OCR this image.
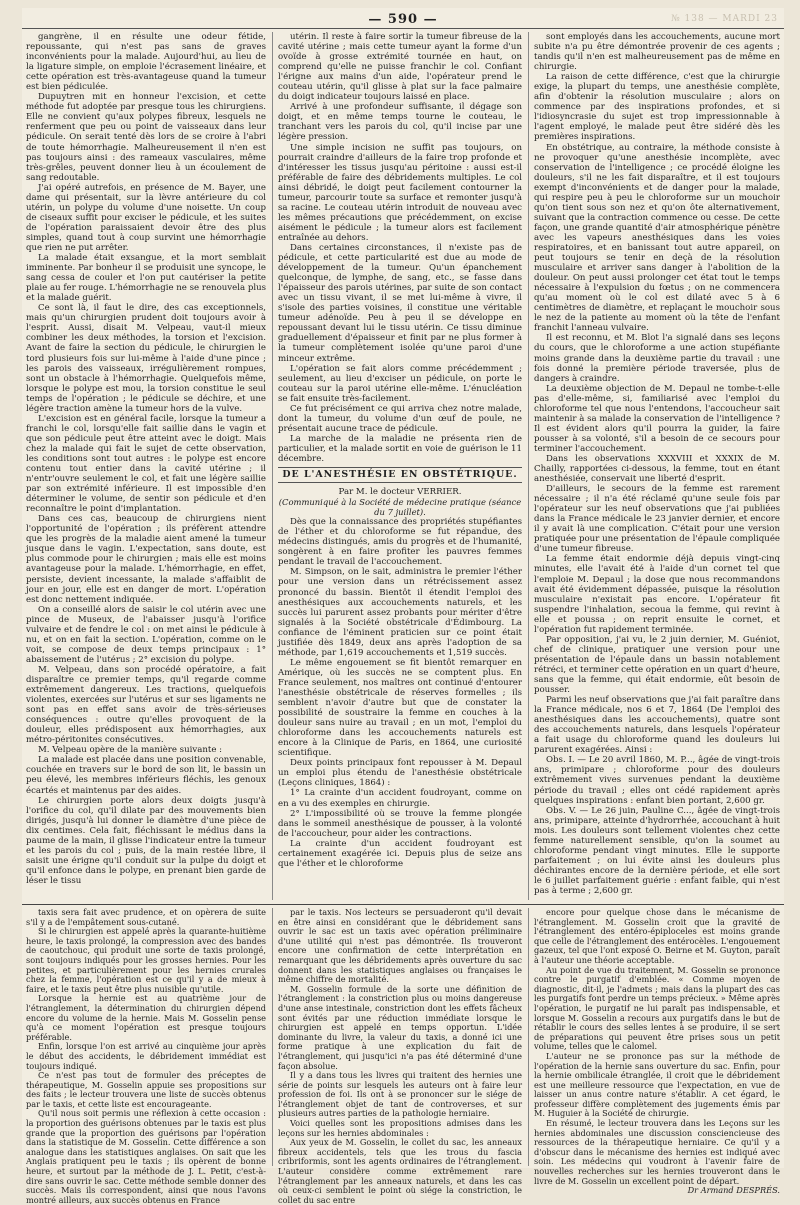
— 590 —	№ 138 — MARDI 23

gangrène, il en résulte une odeur fétide, repoussante, qui n'est pas sans de graves inconvénients pour la malade. Aujourd'hui, au lieu de la ligature simple, on emploie l'écrasement linéaire, et cette opération est très-avantageuse quand la tumeur est bien pédiculée.

Dupuytren mit en honneur l'excision, et cette méthode fut adoptée par presque tous les chirurgiens. Elle ne convient qu'aux polypes fibreux, lesquels ne renferment que peu ou point de vaisseaux dans leur pédicule. On serait tenté dès lors de se croire à l'abri de toute hémorrhagie. Malheureusement il n'en est pas toujours ainsi : des rameaux vasculaires, même très-grêles, peuvent donner lieu à un écoulement de sang redoutable.

J'ai opéré autrefois, en présence de M. Bayer, une dame qui présentait, sur la lèvre antérieure du col utérin, un polype du volume d'une noisette. Un coup de ciseaux suffit pour exciser le pédicule, et les suites de l'opération paraissaient devoir être des plus simples, quand tout à coup survint une hémorrhagie que rien ne put arrêter.

La malade était exsangue, et la mort semblait imminente. Par bonheur il se produisit une syncope, le sang cessa de couler et l'on put cautériser la petite plaie au fer rouge. L'hémorrhagie ne se renouvela plus et la malade guérit.

Ce sont là, il faut le dire, des cas exceptionnels, mais qu'un chirurgien prudent doit toujours avoir à l'esprit. Aussi, disait M. Velpeau, vaut-il mieux combiner les deux méthodes, la torsion et l'excision. Avant de faire la section du pédicule, le chirurgien le tord plusieurs fois sur lui-même à l'aide d'une pince ; les parois des vaisseaux, irrégulièrement rompues, sont un obstacle à l'hémorrhagie. Quelquefois même, lorsque le polype est mou, la torsion constitue le seul temps de l'opération ; le pédicule se déchire, et une légère traction amène la tumeur hors de la vulve.

L'excision est en général facile, lorsque la tumeur a franchi le col, lorsqu'elle fait saillie dans le vagin et que son pédicule peut être atteint avec le doigt. Mais chez la malade qui fait le sujet de cette observation, les conditions sont tout autres : le polype est encore contenu tout entier dans la cavité utérine ; il n'entr'ouvre seulement le col, et fait une légère saillie par son extrémité inférieure. Il est impossible d'en déterminer le volume, de sentir son pédicule et d'en reconnaître le point d'implantation.

Dans ces cas, beaucoup de chirurgiens nient l'opportunité de l'opération ; ils préfèrent attendre que les progrès de la maladie aient amené la tumeur jusque dans le vagin. L'expectation, sans doute, est plus commode pour le chirurgien ; mais elle est moins avantageuse pour la malade. L'hémorrhagie, en effet, persiste, devient incessante, la malade s'affaiblit de jour en jour, elle est en danger de mort. L'opération est donc nettement indiquée.

On a conseillé alors de saisir le col utérin avec une pince de Museux, de l'abaisser jusqu'à l'orifice vulvaire et de fendre le col : on met ainsi le pédicule à nu, et on en fait la section. L'opération, comme on le voit, se compose de deux temps principaux : 1° abaissement de l'utérus ; 2° excision du polype.

M. Velpeau, dans son procédé opératoire, a fait disparaître ce premier temps, qu'il regarde comme extrêmement dangereux. Les tractions, quelquefois violentes, exercées sur l'utérus et sur ses ligaments ne sont pas en effet sans avoir de très-sérieuses conséquences : outre qu'elles provoquent de la douleur, elles prédisposent aux hémorrhagies, aux métro-péritonites consécutives.

M. Velpeau opère de la manière suivante :

La malade est placée dans une position convenable, couchée en travers sur le bord de son lit, le bassin un peu élevé, les membres inférieurs fléchis, les genoux écartés et maintenus par des aides.

Le chirurgien porte alors deux doigts jusqu'à l'orifice du col, qu'il dilate par des mouvements bien dirigés, jusqu'à lui donner le diamètre d'une pièce de dix centimes. Cela fait, fléchissant le médius dans la paume de la main, il glisse l'indicateur entre la tumeur et les parois du col ; puis, de la main restée libre, il saisit une érigne qu'il conduit sur la pulpe du doigt et qu'il enfonce dans le polype, en prenant bien garde de léser le tissu

utérin. Il reste à faire sortir la tumeur fibreuse de la cavité utérine ; mais cette tumeur ayant la forme d'un ovoïde à grosse extrémité tournée en haut, on comprend qu'elle ne puisse franchir le col. Confiant l'érigne aux mains d'un aide, l'opérateur prend le couteau utérin, qu'il glisse à plat sur la face palmaire du doigt indicateur toujours laissé en place.

Arrivé à une profondeur suffisante, il dégage son doigt, et en même temps tourne le couteau, le tranchant vers les parois du col, qu'il incise par une légère pression.

Une simple incision ne suffit pas toujours, on pourrait craindre d'ailleurs de la faire trop profonde et d'intéresser les tissus jusqu'au péritoine : aussi est-il préférable de faire des débridements multiples. Le col ainsi débridé, le doigt peut facilement contourner la tumeur, parcourir toute sa surface et remonter jusqu'à sa racine. Le couteau utérin introduit de nouveau avec les mêmes précautions que précédemment, on excise aisément le pédicule ; la tumeur alors est facilement entraînée au dehors.

Dans certaines circonstances, il n'existe pas de pédicule, et cette particularité est due au mode de développement de la tumeur. Qu'un épanchement quelconque, de lymphe, de sang, etc., se fasse dans l'épaisseur des parois utérines, par suite de son contact avec un tissu vivant, il se met lui-même à vivre, il s'isole des parties voisines, il constitue une véritable tumeur adénoïde. Peu à peu il se développe en repoussant devant lui le tissu utérin. Ce tissu diminue graduellement d'épaisseur et finit par ne plus former à la tumeur complètement isolée qu'une paroi d'une minceur extrême.

L'opération se fait alors comme précédemment ; seulement, au lieu d'exciser un pédicule, on porte le couteau sur la paroi utérine elle-même. L'énucléation se fait ensuite très-facilement.

Ce fut précisément ce qui arriva chez notre malade, dont la tumeur, du volume d'un œuf de poule, ne présentait aucune trace de pédicule.

La marche de la maladie ne présenta rien de particulier, et la malade sortit en voie de guérison le 11 décembre.

DE L'ANESTHÉSIE EN OBSTÉTRIQUE.

Par M. le docteur VERRIER.

(Communiqué à la Société de médecine pratique (séance du 7 juillet).

Dès que la connaissance des propriétés stupéfiantes de l'éther et du chloroforme se fut répandue, des médecins distingués, amis du progrès et de l'humanité, songèrent à en faire profiter les pauvres femmes pendant le travail de l'accouchement.

M. Simpson, on le sait, administra le premier l'éther pour une version dans un rétrécissement assez prononcé du bassin. Bientôt il étendit l'emploi des anesthésiques aux accouchements naturels, et les succès lui parurent assez probants pour mériter d'être signalés à la Société obstétricale d'Édimbourg. La confiance de l'éminent praticien sur ce point était justifiée dès 1849, deux ans après l'adoption de sa méthode, par 1,619 accouchements et 1,519 succès.

Le même engouement se fit bientôt remarquer en Amérique, où les succès ne se comptent plus. En France seulement, nos maîtres ont continué d'entourer l'anesthésie obstétricale de réserves formelles ; ils semblent n'avoir d'autre but que de constater la possibilité de soustraire la femme en couches à la douleur sans nuire au travail ; en un mot, l'emploi du chloroforme dans les accouchements naturels est encore à la Clinique de Paris, en 1864, une curiosité scientifique.

Deux points principaux font repousser à M. Depaul un emploi plus étendu de l'anesthésie obstétricale (Leçons cliniques, 1864) :

1° La crainte d'un accident foudroyant, comme on en a vu des exemples en chirurgie.

2° L'impossibilité où se trouve la femme plongée dans le sommeil anesthésique de pousser, à la volonté de l'accoucheur, pour aider les contractions.

La crainte d'un accident foudroyant est certainement exagérée ici. Depuis plus de seize ans que l'éther et le chloroforme

sont employés dans les accouchements, aucune mort subite n'a pu être démontrée provenir de ces agents ; tandis qu'il n'en est malheureusement pas de même en chirurgie.

La raison de cette différence, c'est que la chirurgie exige, la plupart du temps, une anesthésie complète, afin d'obtenir la résolution musculaire ; alors on commence par des inspirations profondes, et si l'idiosyncrasie du sujet est trop impressionnable à l'agent employé, le malade peut être sidéré dès les premières inspirations.

En obstétrique, au contraire, la méthode consiste à ne provoquer qu'une anesthésie incomplète, avec conservation de l'intelligence ; ce procédé éloigne les douleurs, s'il ne les fait disparaître, et il est toujours exempt d'inconvénients et de danger pour la malade, qui respire peu à peu le chloroforme sur un mouchoir qu'on tient sous son nez et qu'on ôte alternativement, suivant que la contraction commence ou cesse. De cette façon, une grande quantité d'air atmosphérique pénètre avec les vapeurs anesthésiques dans les voies respiratoires, et en banissant tout autre appareil, on peut toujours se tenir en deçà de la résolution musculaire et arriver sans danger à l'abolition de la douleur. On peut aussi prolonger cet état tout le temps nécessaire à l'expulsion du fœtus ; on ne commencera qu'au moment où le col est dilaté avec 5 à 6 centimètres de diamètre, et replaçant le mouchoir sous le nez de la patiente au moment où la tête de l'enfant franchit l'anneau vulvaire.

Il est reconnu, et M. Blot l'a signalé dans ses leçons du cours, que le chloroforme a une action stupéfiante moins grande dans la deuxième partie du travail : une fois donné la première période traversée, plus de dangers à craindre.

La deuxième objection de M. Depaul ne tombe-t-elle pas d'elle-même, si, familiarisé avec l'emploi du chloroforme tel que nous l'entendons, l'accoucheur sait maintenir à sa malade la conservation de l'intelligence ? Il est évident alors qu'il pourra la guider, la faire pousser à sa volonté, s'il a besoin de ce secours pour terminer l'accouchement.

Dans les observations XXXVIII et XXXIX de M. Chailly, rapportées ci-dessous, la femme, tout en étant anesthésiée, conservait une liberté d'esprit.

D'ailleurs, le secours de la femme est rarement nécessaire ; il n'a été réclamé qu'une seule fois par l'opérateur sur les neuf observations que j'ai publiées dans la France médicale le 23 janvier dernier, et encore il y avait là une complication. C'était pour une version pratiquée pour une présentation de l'épaule compliquée d'une tumeur fibreuse.

La femme était endormie déjà depuis vingt-cinq minutes, elle l'avait été à l'aide d'un cornet tel que l'emploie M. Depaul ; la dose que nous recommandons avait été évidemment dépassée, puisque la résolution musculaire n'existait pas encore. L'opérateur fit suspendre l'inhalation, secoua la femme, qui revint à elle et poussa ; on reprit ensuite le cornet, et l'opération fut rapidement terminée.

Par opposition, j'ai vu, le 2 juin dernier, M. Guéniot, chef de clinique, pratiquer une version pour une présentation de l'épaule dans un bassin notablement rétréci, et terminer cette opération en un quart d'heure, sans que la femme, qui était endormie, eût besoin de pousser.

Parmi les neuf observations que j'ai fait paraître dans la France médicale, nos 6 et 7, 1864 (De l'emploi des anesthésiques dans les accouchements), quatre sont des accouchements naturels, dans lesquels l'opérateur a fait usage du chloroforme quand les douleurs lui parurent exagérées. Ainsi :

Obs. I. — Le 20 avril 1860, M. P..., âgée de vingt-trois ans, primipare ; chloroforme pour des douleurs extrêmement vives survenues pendant la deuxième période du travail ; elles ont cédé rapidement après quelques inspirations : enfant bien portant, 2,600 gr.

Obs. V. — Le 26 juin, Pauline C..., âgée de vingt-trois ans, primipare, atteinte d'hydrorrhée, accouchant à huit mois. Les douleurs sont tellement violentes chez cette femme naturellement sensible, qu'on la soumet au chloroforme pendant vingt minutes. Elle le supporte parfaitement ; on lui évite ainsi les douleurs plus déchirantes encore de la dernière période, et elle sort le 6 juillet parfaitement guérie : enfant faible, qui n'est pas à terme ; 2,600 gr.

taxis sera fait avec prudence, et on opèrera de suite s'il y a de l'empâtement sous-cutané.

Si le chirurgien est appelé après la quarante-huitième heure, le taxis prolongé, la compression avec des bandes de caoutchouc, qui produit une sorte de taxis prolongé, sont toujours indiqués pour les grosses hernies. Pour les petites, et particulièrement pour les hernies crurales chez la femme, l'opération est ce qu'il y a de mieux à faire, et le taxis peut être plus nuisible qu'utile.

Lorsque la hernie est au quatrième jour de l'étranglement, la détermination du chirurgien dépend encore du volume de la hernie. Mais M. Gosselin pense qu'à ce moment l'opération est presque toujours préférable.

Enfin, lorsque l'on est arrivé au cinquième jour après le début des accidents, le débridement immédiat est toujours indiqué.

Ce n'est pas tout de formuler des préceptes de thérapeutique, M. Gosselin appuie ses propositions sur des faits ; le lecteur trouvera une liste de succès obtenus par le taxis, et cette liste est encourageante.

Qu'il nous soit permis une réflexion à cette occasion : la proportion des guérisons obtenues par le taxis est plus grande que la proportion des guérisons par l'opération dans la statistique de M. Gosselin. Cette différence a son analogue dans les statistiques anglaises. On sait que les Anglais pratiquent peu le taxis ; ils opèrent de bonne heure, et surtout par la méthode de J. L. Petit, c'est-à-dire sans ouvrir le sac. Cette méthode semble donner des succès. Mais ils correspondent, ainsi que nous l'avons montré ailleurs, aux succès obtenus en France

par le taxis. Nos lecteurs se persuaderont qu'il devait en être ainsi en considérant que le débridement sans ouvrir le sac est un taxis avec opération préliminaire d'une utilité qui n'est pas démontrée. Ils trouveront encore une confirmation de cette interprétation en remarquant que les débridements après ouverture du sac donnent dans les statistiques anglaises ou françaises le même chiffre de mortalité.

M. Gosselin formule de la sorte une définition de l'étranglement : la constriction plus ou moins dangereuse d'une anse intestinale, constriction dont les effets fâcheux sont évités par une réduction immédiate lorsque le chirurgien est appelé en temps opportun. L'idée dominante du livre, la valeur du taxis, a donné ici une forme pratique à une explication du fait de l'étranglement, qui jusqu'ici n'a pas été déterminé d'une façon absolue.

Il y a dans tous les livres qui traitent des hernies une série de points sur lesquels les auteurs ont à faire leur profession de foi. Ils ont à se prononcer sur le siége de l'étranglement objet de tant de controverses, et sur plusieurs autres parties de la pathologie herniaire.

Voici quelles sont les propositions admises dans les leçons sur les hernies abdominales :

Aux yeux de M. Gosselin, le collet du sac, les anneaux fibreux accidentels, tels que les trous du fascia cribriformis, sont les agents ordinaires de l'étranglement. L'auteur considère comme extrêmement rare l'étranglement par les anneaux naturels, et dans les cas où ceux-ci semblent le point où siége la constriction, le collet du sac entre

encore pour quelque chose dans le mécanisme de l'étranglement. M. Gosselin croit que la gravité de l'étranglement des entéro-épiploceles est moins grande que celle de l'étranglement des entérocèles. L'engouement gazeux, tel que l'ont exposé O. Beirne et M. Guyton, paraît à l'auteur une théorie acceptable.

Au point de vue du traitement, M. Gosselin se prononce contre le purgatif d'emblée. « Comme moyen de diagnostic, dit-il, je l'admets ; mais dans la plupart des cas les purgatifs font perdre un temps précieux. » Même après l'opération, le purgatif ne lui paraît pas indispensable, et lorsque M. Gosselin a recours aux purgatifs dans le but de rétablir le cours des selles lentes à se produire, il se sert de préparations qui peuvent être prises sous un petit volume, telles que le calomel.

L'auteur ne se prononce pas sur la méthode de l'opération de la hernie sans ouverture du sac. Enfin, pour la hernie ombilicale étranglée, il croit que le débridement est une meilleure ressource que l'expectation, en vue de laisser un anus contre nature s'établir. A cet égard, le professeur diffère complètement des jugements émis par M. Huguier à la Société de chirurgie.

En résumé, le lecteur trouvera dans les Leçons sur les hernies abdominales une discussion consciencieuse des ressources de la thérapeutique herniaire. Ce qu'il y a d'obscur dans le mécanisme des hernies est indiqué avec soin. Les médecins qui voudront à l'avenir faire de nouvelles recherches sur les hernies trouveront dans le livre de M. Gosselin un excellent point de départ.

Dr Armand DESPRÉS.
